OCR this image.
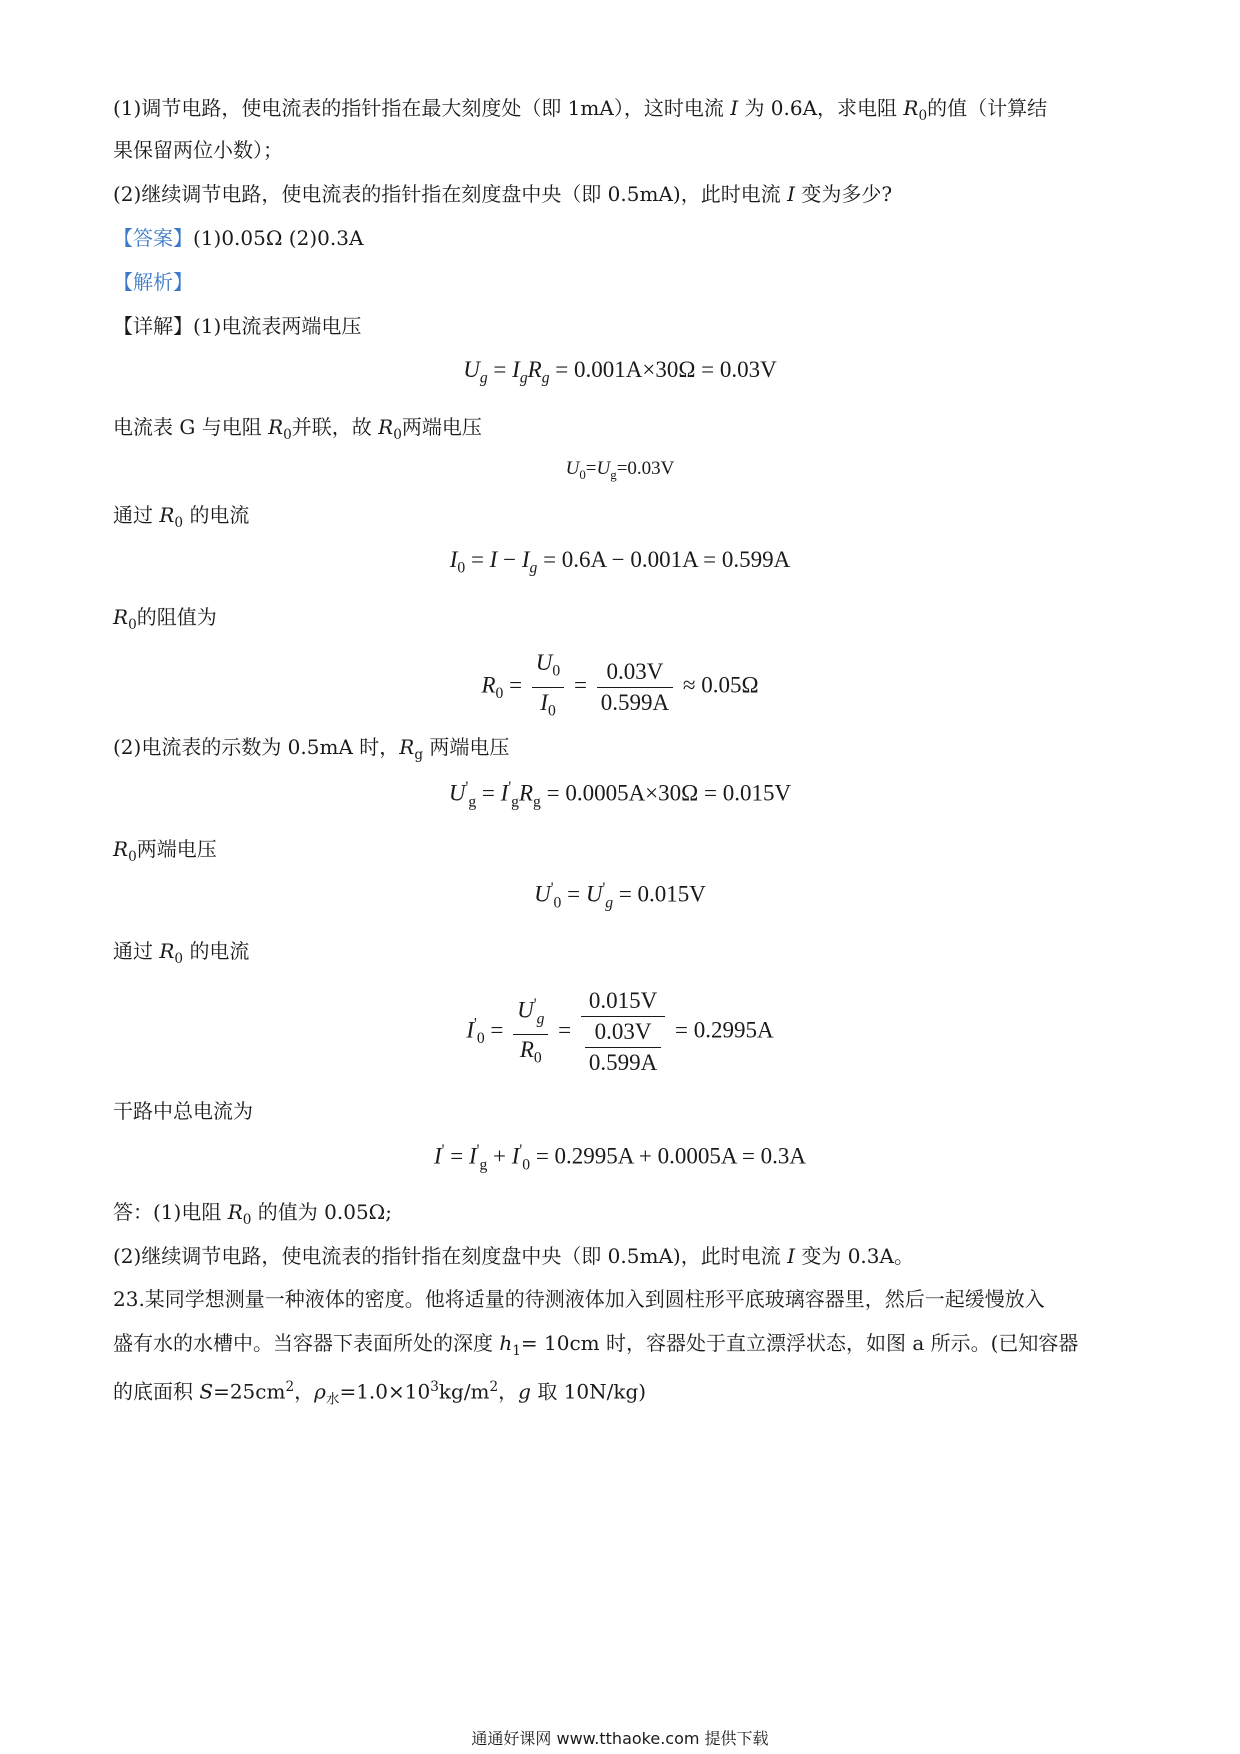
(1)调节电路，使电流表的指针指在最大刻度处（即 1mA），这时电流 I 为 0.6A，求电阻 $R_0$的值（计算结
果保留两位小数）；
(2)继续调节电路，使电流表的指针指在刻度盘中央（即 0.5mA)，此时电流 I 变为多少?
【答案】(1)0.05Ω (2)0.3A
【解析】
【详解】(1)电流表两端电压
$U_g = I_gR_g = 0.001A\times 30\Omega = 0.03V$
电流表 G 与电阻 $R_0$并联，故 $R_0$两端电压
$U_0=U_g=0.03V$
通过 $R_0$ 的电流
$I_0 = I - I_g = 0.6A - 0.001A = 0.599A$
$R_0$的阻值为
$R_0 = \frac{U_0}{I_0} = \frac{0.03V}{0.599A} \approx 0.05\Omega$
(2)电流表的示数为 0.5mA 时，$R_g$ 两端电压
$U'_g = I'_gR_g = 0.0005A\times 30\Omega = 0.015V$
$R_0$两端电压
$U'_0 = U'_g = 0.015V$
通过 $R_0$ 的电流
$I'_0 = \frac{U'_g}{R_0} = \frac{0.015V}{\frac{0.03V}{0.599A}} = 0.2995A$
干路中总电流为
$I' = I'_g + I'_0 = 0.2995A + 0.0005A = 0.3A$
答：(1)电阻 $R_0$ 的值为 0.05Ω;
(2)继续调节电路，使电流表的指针指在刻度盘中央（即 0.5mA)，此时电流 I 变为 0.3A。
23.某同学想测量一种液体的密度。他将适量的待测液体加入到圆柱形平底玻璃容器里，然后一起缓慢放入
盛有水的水槽中。当容器下表面所处的深度 $h_1= 10cm$ 时，容器处于直立漂浮状态，如图 a 所示。(已知容器
的底面积 $S=25cm^2$，$\rho_水=1.0\times 10^3kg/m^2$，g 取 10N/kg)
通通好课网 www.tthaoke.com 提供下载
